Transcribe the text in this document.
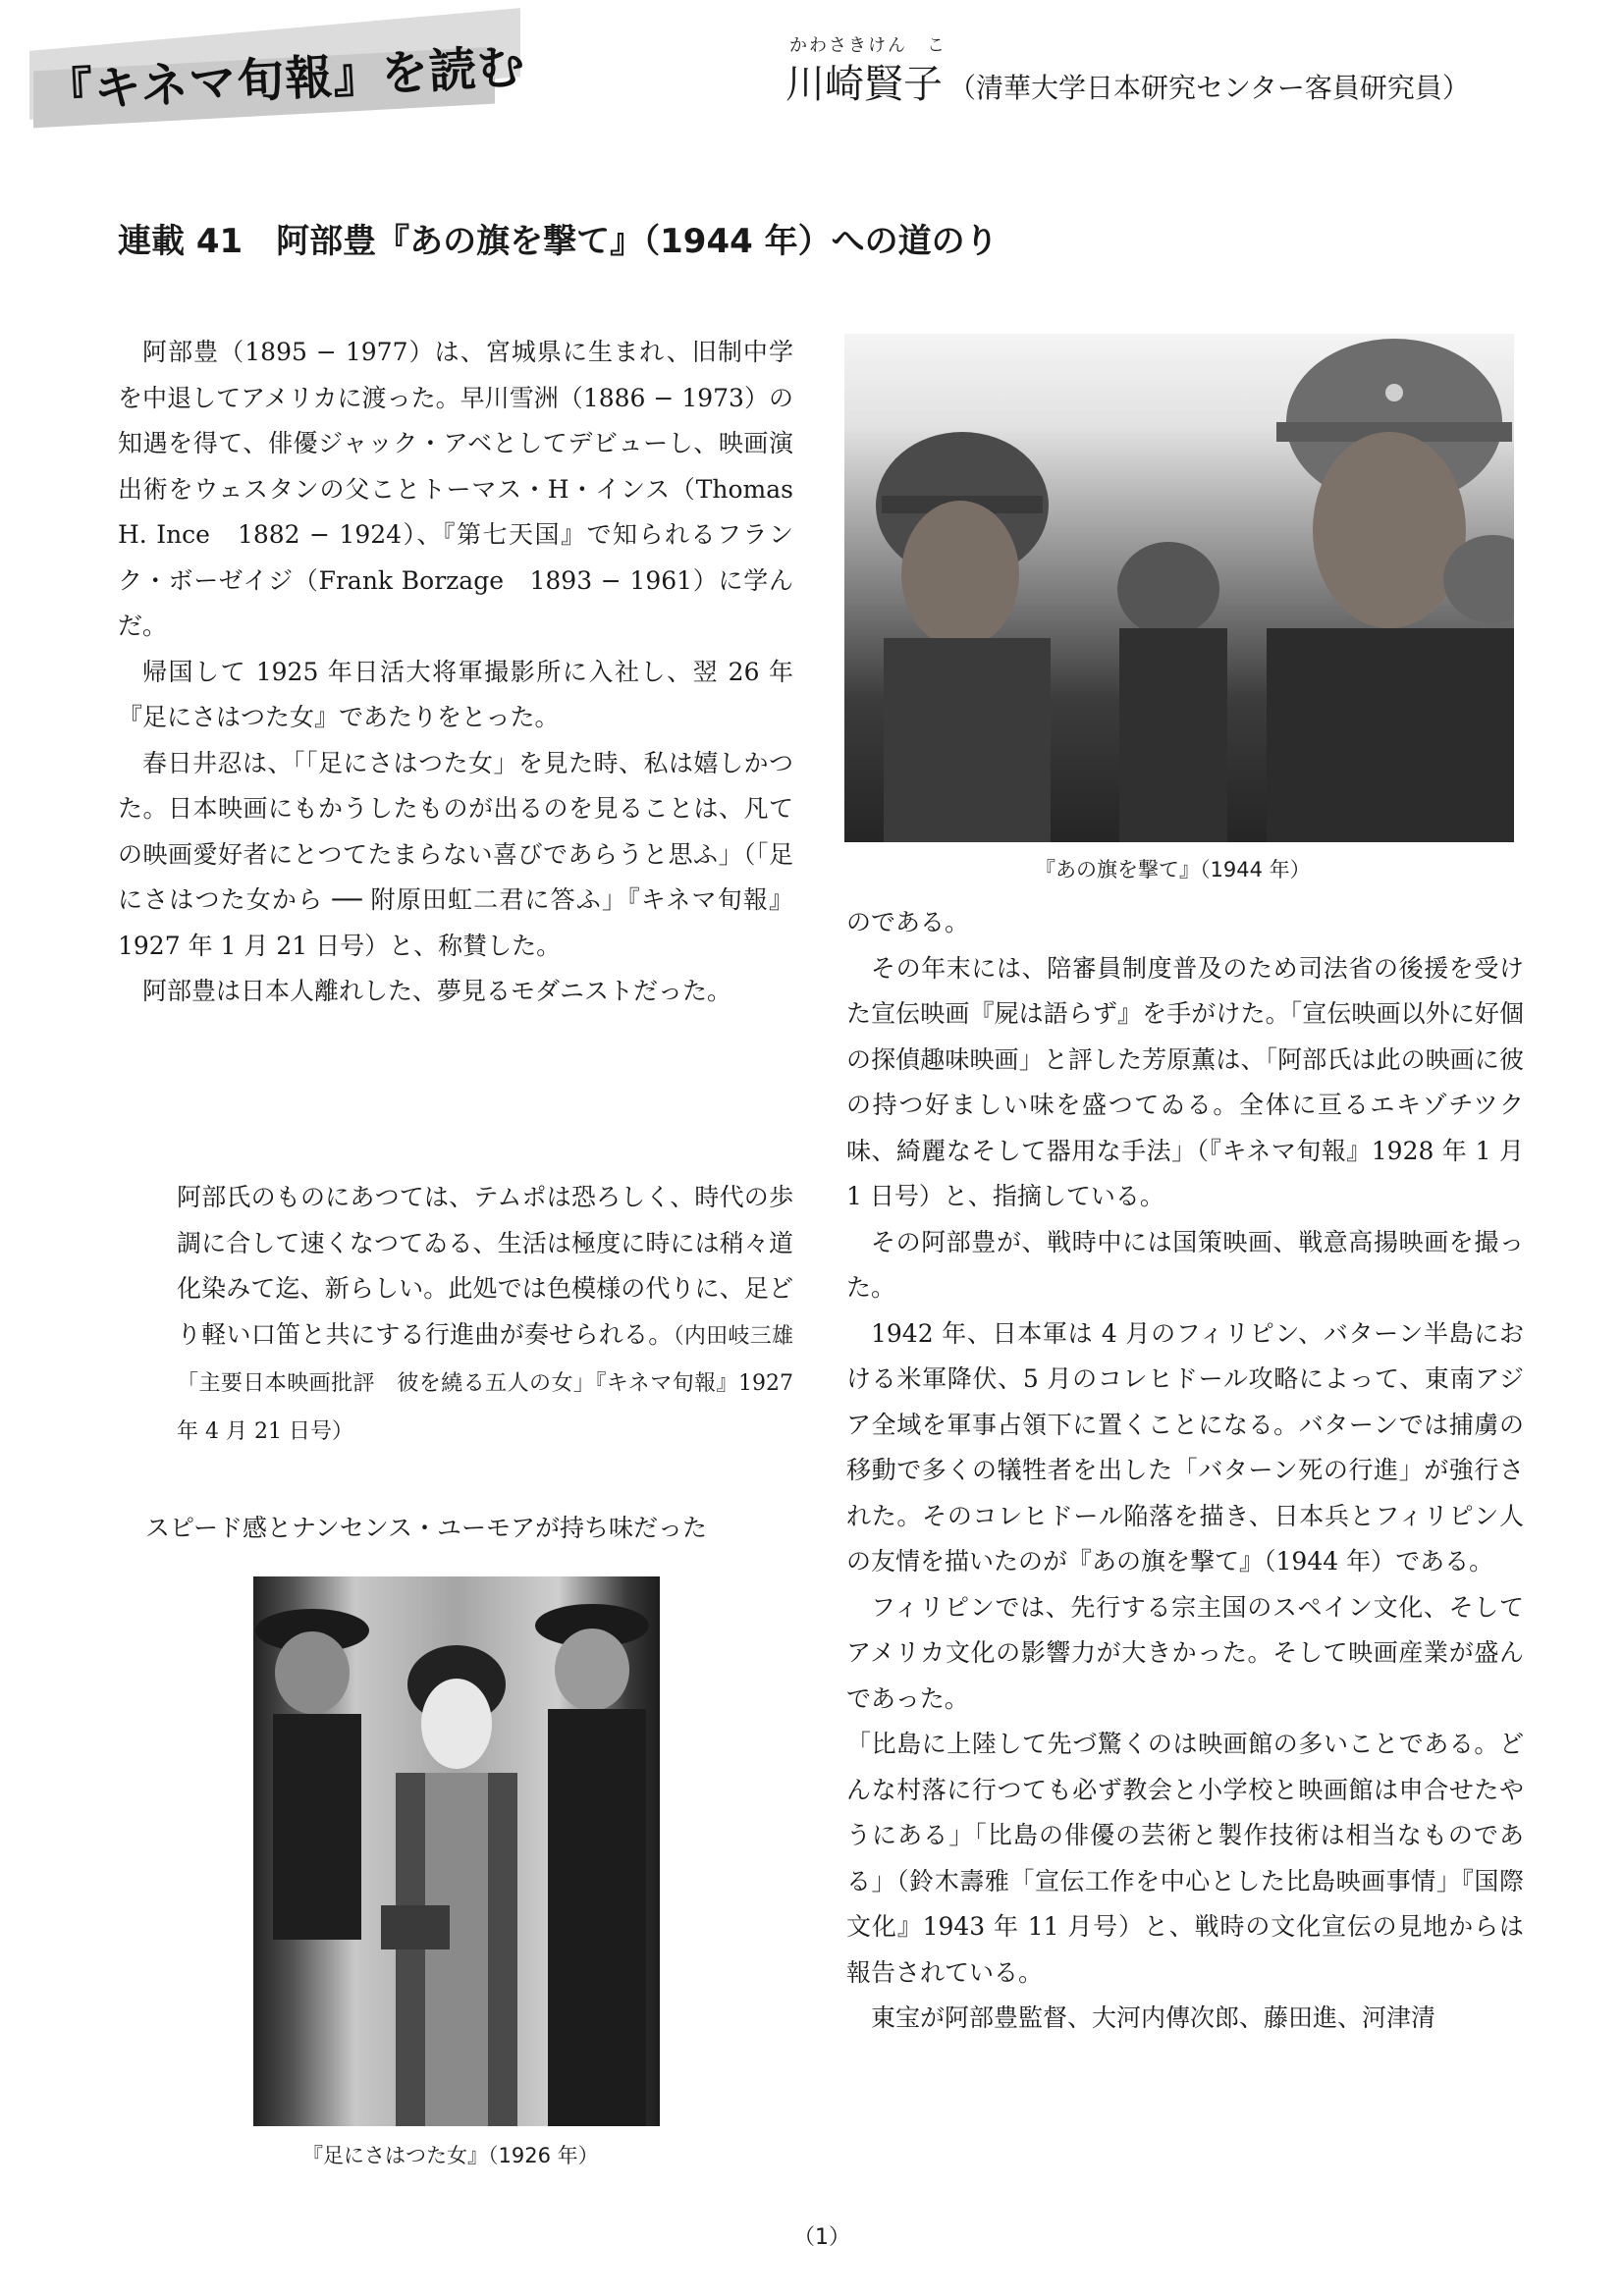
『キネマ旬報』を読む	かわさきけん　こ
川崎賢子 （清華大学日本研究センター客員研究員）
連載 41　阿部豊『あの旗を撃て』（1944 年）への道のり

阿部豊（1895 − 1977）は、宮城県に生まれ、旧制中学を中退してアメリカに渡った。早川雪洲（1886 − 1973）の知遇を得て、俳優ジャック・アベとしてデビューし、映画演出術をウェスタンの父ことトーマス・H・インス（Thomas H. Ince　1882 − 1924）、『第七天国』で知られるフランク・ボーゼイジ（Frank Borzage　1893 − 1961）に学んだ。

帰国して 1925 年日活大将軍撮影所に入社し、翌 26 年『足にさはつた女』であたりをとった。

春日井忍は、「「足にさはつた女」を見た時、私は嬉しかつた。日本映画にもかうしたものが出るのを見ることは、凡ての映画愛好者にとつてたまらない喜びであらうと思ふ」（「足にさはつた女から ── 附原田虹二君に答ふ」『キネマ旬報』1927 年 1 月 21 日号）と、称賛した。

阿部豊は日本人離れした、夢見るモダニストだった。

阿部氏のものにあつては、テムポは恐ろしく、時代の歩調に合して速くなつてゐる、生活は極度に時には稍々道化染みて迄、新らしい。此処では色模様の代りに、足どり軽い口笛と共にする行進曲が奏せられる。（内田岐三雄「主要日本映画批評　彼を繞る五人の女」『キネマ旬報』1927 年 4 月 21 日号）
スピード感とナンセンス・ユーモアが持ち味だった
『あの旗を撃て』（1944 年）
『足にさはつた女』（1926 年）

のである。

その年末には、陪審員制度普及のため司法省の後援を受けた宣伝映画『屍は語らず』を手がけた。「宣伝映画以外に好個の探偵趣味映画」と評した芳原薫は、「阿部氏は此の映画に彼の持つ好ましい味を盛つてゐる。全体に亘るエキゾチツク味、綺麗なそして器用な手法」（『キネマ旬報』1928 年 1 月 1 日号）と、指摘している。

その阿部豊が、戦時中には国策映画、戦意高揚映画を撮った。

1942 年、日本軍は 4 月のフィリピン、バターン半島における米軍降伏、5 月のコレヒドール攻略によって、東南アジア全域を軍事占領下に置くことになる。バターンでは捕虜の移動で多くの犠牲者を出した「バターン死の行進」が強行された。そのコレヒドール陥落を描き、日本兵とフィリピン人の友情を描いたのが『あの旗を撃て』（1944 年）である。

フィリピンでは、先行する宗主国のスペイン文化、そしてアメリカ文化の影響力が大きかった。そして映画産業が盛んであった。

「比島に上陸して先づ驚くのは映画館の多いことである。どんな村落に行つても必ず教会と小学校と映画館は申合せたやうにある」「比島の俳優の芸術と製作技術は相当なものである」（鈴木壽雅「宣伝工作を中心とした比島映画事情」『国際文化』1943 年 11 月号）と、戦時の文化宣伝の見地からは報告されている。

東宝が阿部豊監督、大河内傳次郎、藤田進、河津清

（1）
